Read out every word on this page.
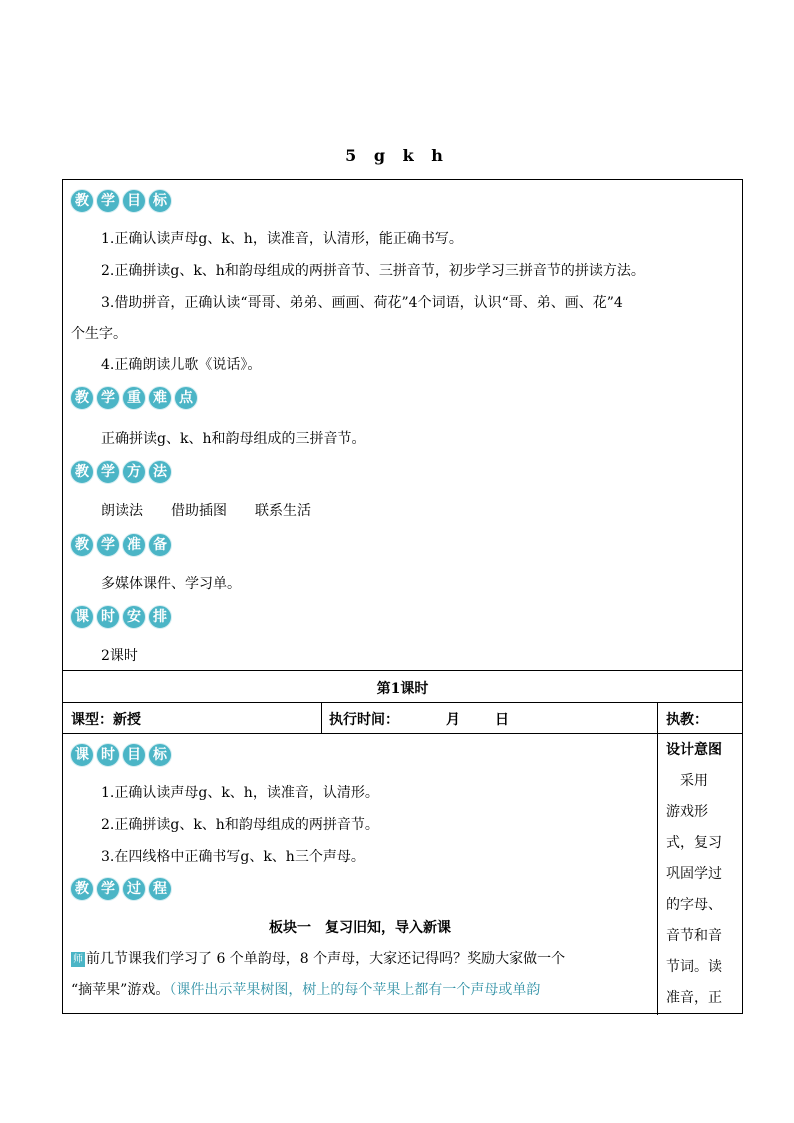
5 g k h
教 学 目 标
1.正确认读声母g、k、h，读准音，认清形，能正确书写。
2.正确拼读g、k、h和韵母组成的两拼音节、三拼音节，初步学习三拼音节的拼读方法。
3.借助拼音，正确认读“哥哥、弟弟、画画、荷花”4个词语，认识“哥、弟、画、花”4
个生字。
4.正确朗读儿歌《说话》。
教 学 重 难 点
正确拼读g、k、h和韵母组成的三拼音节。
教 学 方 法
朗读法　　借助插图　　联系生活
教 学 准 备
多媒体课件、学习单。
课 时 安 排
2课时
第1课时
课型：新授	执行时间：	月	日	执教：
课 时 目 标
1.正确认读声母g、k、h，读准音，认清形。
2.正确拼读g、k、h和韵母组成的两拼音节。
3.在四线格中正确书写g、k、h三个声母。
教 学 过 程
板块一　复习旧知，导入新课
师 前几节课我们学习了 6 个单韵母，8 个声母，大家还记得吗？奖励大家做一个
“摘苹果”游戏。（课件出示苹果树图，树上的每个苹果上都有一个声母或单韵
设计意图
　采用
游戏形
式，复习
巩固学过
的字母、
音节和音
节词。读
准音，正
